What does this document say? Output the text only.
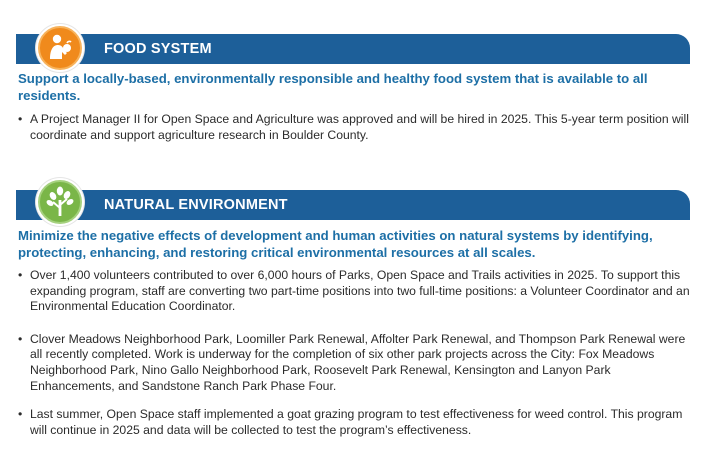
FOOD SYSTEM

Support a locally-based, environmentally responsible and healthy food system that is available to all residents.

• A Project Manager II for Open Space and Agriculture was approved and will be hired in 2025. This 5-year term position will coordinate and support agriculture research in Boulder County.
NATURAL ENVIRONMENT

Minimize the negative effects of development and human activities on natural systems by identifying, protecting, enhancing, and restoring critical environmental resources at all scales.

• Over 1,400 volunteers contributed to over 6,000 hours of Parks, Open Space and Trails activities in 2025. To support this expanding program, staff are converting two part-time positions into two full-time positions: a Volunteer Coordinator and an Environmental Education Coordinator.
• Clover Meadows Neighborhood Park, Loomiller Park Renewal, Affolter Park Renewal, and Thompson Park Renewal were all recently completed. Work is underway for the completion of six other park projects across the City: Fox Meadows Neighborhood Park, Nino Gallo Neighborhood Park, Roosevelt Park Renewal, Kensington and Lanyon Park Enhancements, and Sandstone Ranch Park Phase Four.
• Last summer, Open Space staff implemented a goat grazing program to test effectiveness for weed control. This program will continue in 2025 and data will be collected to test the program’s effectiveness.
